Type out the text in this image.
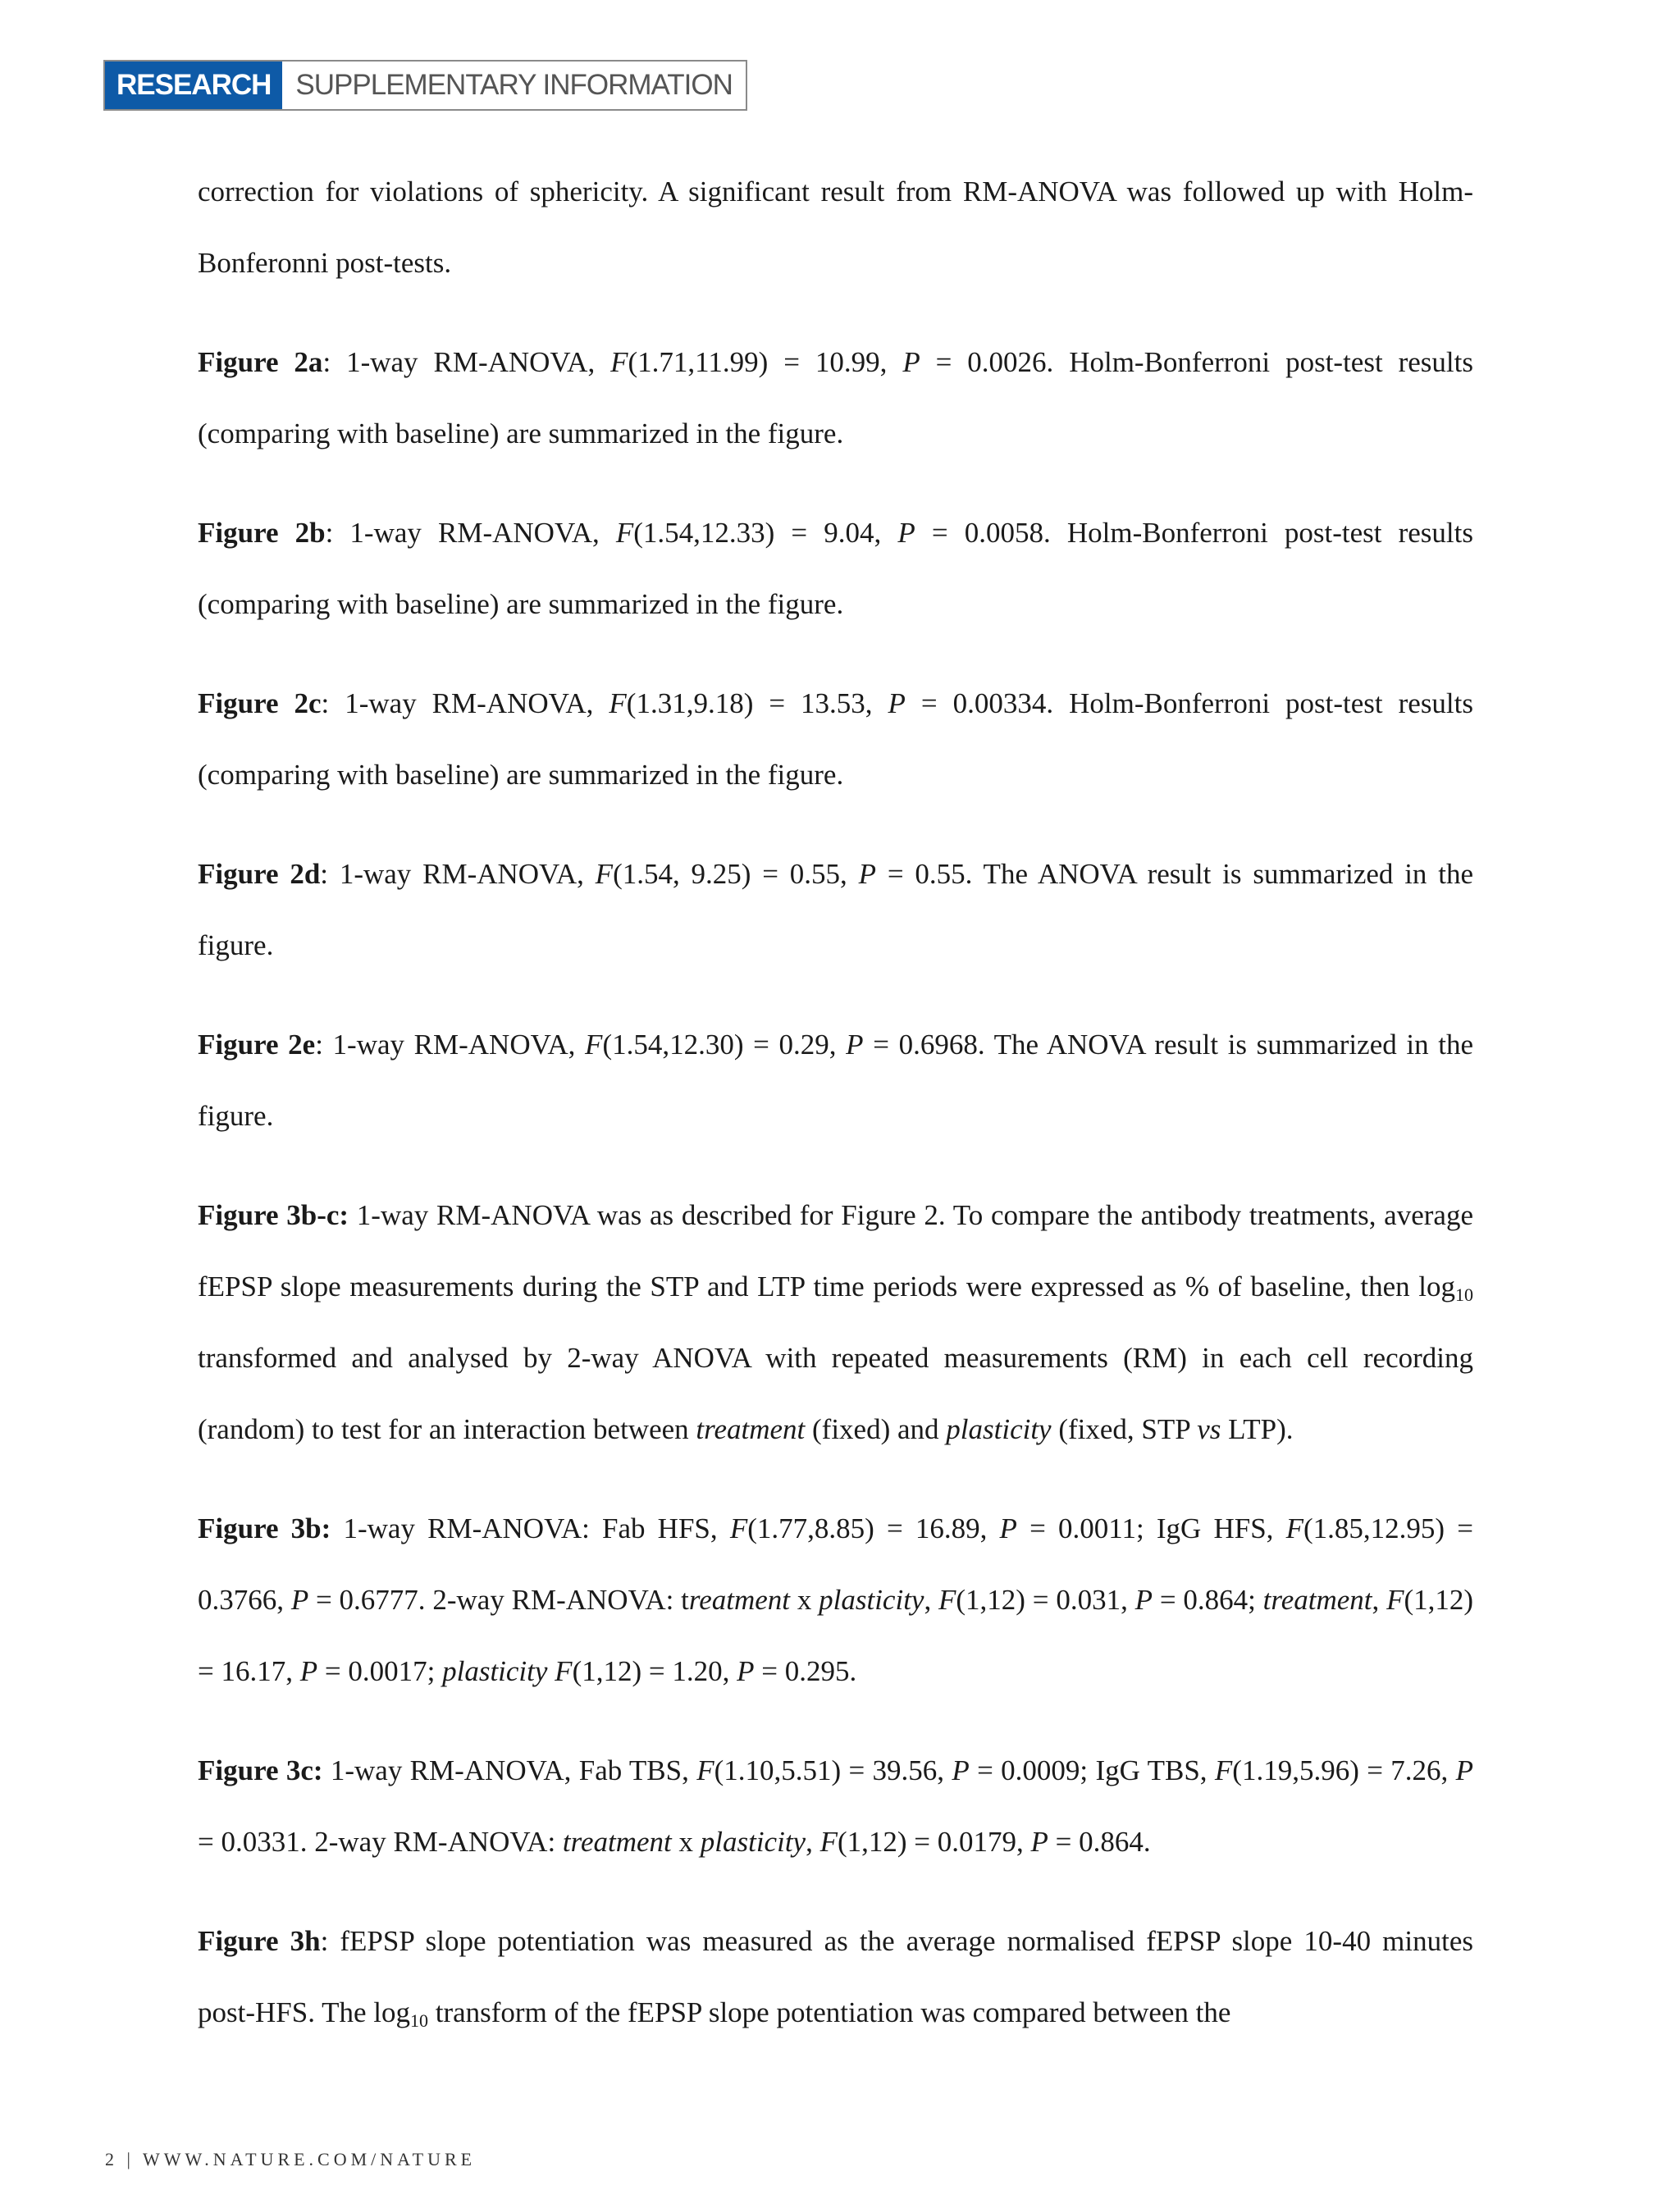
RESEARCH SUPPLEMENTARY INFORMATION

correction for violations of sphericity. A significant result from RM-ANOVA was followed up with Holm-Bonferonni post-tests.

Figure 2a: 1-way RM-ANOVA, F(1.71,11.99) = 10.99, P = 0.0026. Holm-Bonferroni post-test results (comparing with baseline) are summarized in the figure.

Figure 2b: 1-way RM-ANOVA, F(1.54,12.33) = 9.04, P = 0.0058. Holm-Bonferroni post-test results (comparing with baseline) are summarized in the figure.

Figure 2c: 1-way RM-ANOVA, F(1.31,9.18) = 13.53, P = 0.00334. Holm-Bonferroni post-test results (comparing with baseline) are summarized in the figure.

Figure 2d: 1-way RM-ANOVA, F(1.54, 9.25) = 0.55, P = 0.55. The ANOVA result is summarized in the figure.

Figure 2e: 1-way RM-ANOVA, F(1.54,12.30) = 0.29, P = 0.6968. The ANOVA result is summarized in the figure.

Figure 3b-c: 1-way RM-ANOVA was as described for Figure 2. To compare the antibody treatments, average fEPSP slope measurements during the STP and LTP time periods were expressed as % of baseline, then $\log_{10}$ transformed and analysed by 2-way ANOVA with repeated measurements (RM) in each cell recording (random) to test for an interaction between treatment (fixed) and plasticity (fixed, STP vs LTP).

Figure 3b: 1-way RM-ANOVA: Fab HFS, F(1.77,8.85) = 16.89, P = 0.0011; IgG HFS, F(1.85,12.95) = 0.3766, P = 0.6777. 2-way RM-ANOVA: treatment x plasticity, F(1,12) = 0.031, P = 0.864; treatment, F(1,12) = 16.17, P = 0.0017; plasticity F(1,12) = 1.20, P = 0.295.

Figure 3c: 1-way RM-ANOVA, Fab TBS, F(1.10,5.51) = 39.56, P = 0.0009; IgG TBS, F(1.19,5.96) = 7.26, P = 0.0331. 2-way RM-ANOVA: treatment x plasticity, F(1,12) = 0.0179, P = 0.864.

Figure 3h: fEPSP slope potentiation was measured as the average normalised fEPSP slope 10-40 minutes post-HFS. The $\log_{10}$ transform of the fEPSP slope potentiation was compared between the

2 | WWW.NATURE.COM/NATURE
